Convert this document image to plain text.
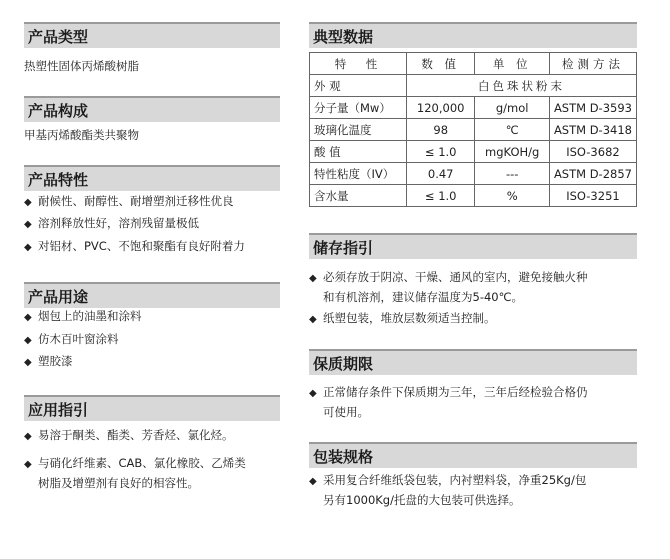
产品类型
热塑性固体丙烯酸树脂
产品构成
甲基丙烯酸酯类共聚物
产品特性
◆ 耐候性、耐醇性、耐增塑剂迁移性优良
◆ 溶剂释放性好，溶剂残留量极低
◆ 对铝材、PVC、不饱和聚酯有良好附着力
产品用途
◆ 烟包上的油墨和涂料
◆ 仿木百叶窗涂料
◆ 塑胶漆
应用指引
◆ 易溶于酮类、酯类、芳香烃、氯化烃。
◆ 与硝化纤维素、CAB、氯化橡胶、乙烯类
树脂及增塑剂有良好的相容性。
典型数据
特　性	数 值	单 位	检测方法
外 观	白色珠状粉末		
分子量（Mw）	120,000	g/mol	ASTM D-3593
玻璃化温度	98	℃	ASTM D-3418
酸 值	≤ 1.0	mgKOH/g	ISO-3682
特性粘度（IV）	0.47	---	ASTM D-2857
含水量	≤ 1.0	%	ISO-3251
储存指引
◆ 必须存放于阴凉、干燥、通风的室内，避免接触火种
和有机溶剂，建议储存温度为5-40℃。
◆ 纸塑包装，堆放层数须适当控制。
保质期限
◆ 正常储存条件下保质期为三年，三年后经检验合格仍
可使用。
包装规格
◆ 采用复合纤维纸袋包装，内衬塑料袋，净重25Kg/包
另有1000Kg/托盘的大包装可供选择。
